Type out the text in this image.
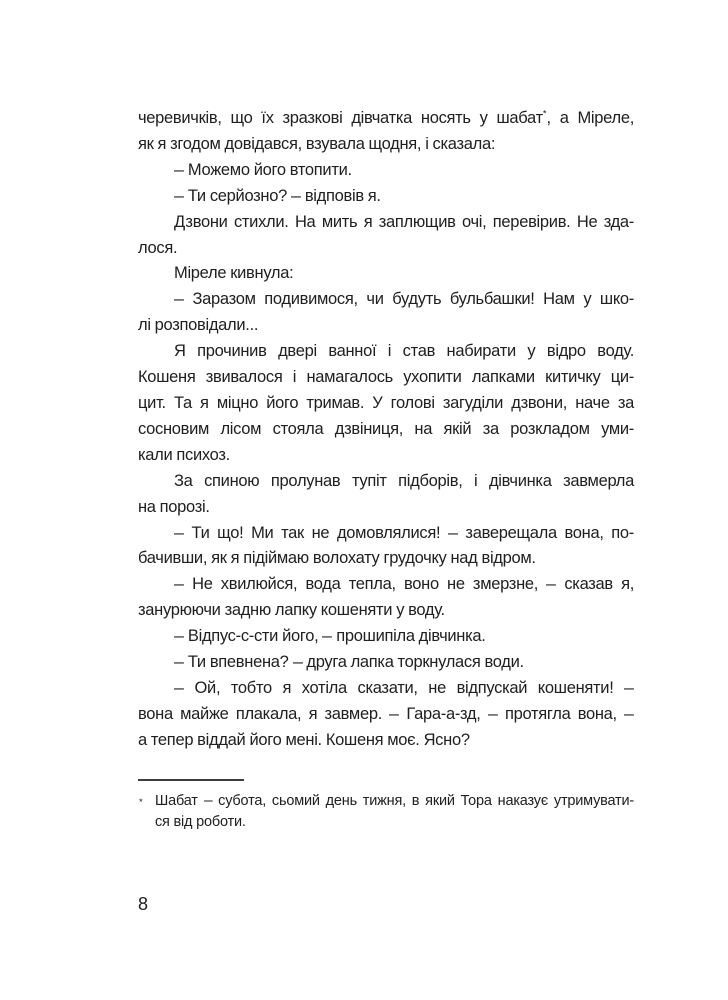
черевичків, що їх зразкові дівчатка носять у шабат*, а Міреле,
як я згодом довідався, взувала щодня, і сказала:
— Можемо його втопити.
— Ти серйозно? — відповів я.
Дзвони стихли. На мить я заплющив очі, перевірив. Не зда-
лося.
Міреле кивнула:
— Заразом подивимося, чи будуть бульбашки! Нам у шко-
лі розповідали...
Я прочинив двері ванної і став набирати у відро воду.
Кошеня звивалося і намагалось ухопити лапками китичку ци-
цит. Та я міцно його тримав. У голові загуділи дзвони, наче за
сосновим лісом стояла дзвіниця, на якій за розкладом уми-
кали психоз.
За спиною пролунав тупіт підборів, і дівчинка завмерла
на порозі.
— Ти що! Ми так не домовлялися! — заверещала вона, по-
бачивши, як я підіймаю волохату грудочку над відром.
— Не хвилюйся, вода тепла, воно не змерзне, — сказав я,
занурюючи задню лапку кошеняти у воду.
— Відпус-с-сти його, — прошипіла дівчинка.
— Ти впевнена? — друга лапка торкнулася води.
— Ой, тобто я хотіла сказати, не відпускай кошеняти! —
вона майже плакала, я завмер. — Гара-а-зд, — протягла вона, —
а тепер віддай його мені. Кошеня моє. Ясно?
* Шабат — субота, сьомий день тижня, в який Тора наказує утримувати-
ся від роботи.
8
